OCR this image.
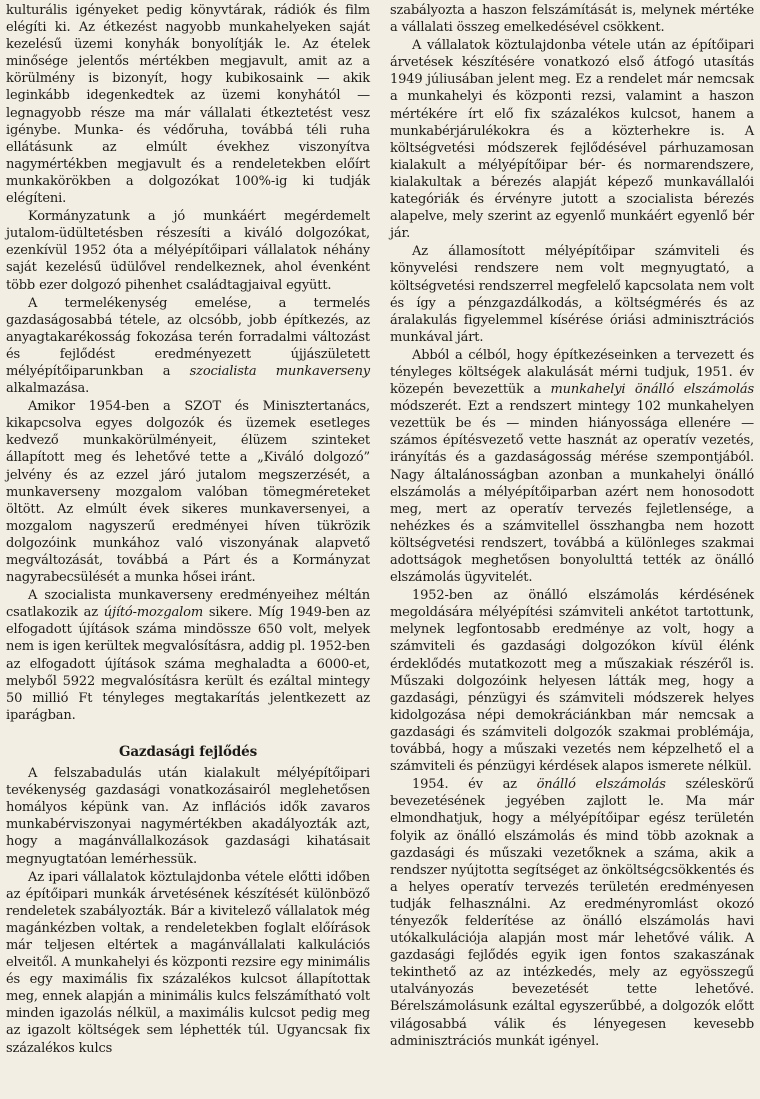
kulturális igényeket pedig könyvtárak, rádiók és film elégíti ki. Az étkezést nagyobb munkahelyeken saját kezelésű üzemi konyhák bonyolítják le. Az ételek minősége jelentős mértékben megjavult, amit az a körülmény is bizonyít, hogy kubikosaink — akik leginkább idegenkedtek az üzemi konyhától — legnagyobb része ma már vállalati étkeztetést vesz igénybe. Munka- és védőruha, továbbá téli ruha ellátásunk az elmúlt évekhez viszonyítva nagymértékben megjavult és a rendeletekben előírt munkakörökben a dolgozókat 100%-ig ki tudják elégíteni.

Kormányzatunk a jó munkáért megérdemelt jutalom-üdültetésben részesíti a kiváló dolgozókat, ezenkívül 1952 óta a mélyépítőipari vállalatok néhány saját kezelésű üdülővel rendelkeznek, ahol évenként több ezer dolgozó pihenhet családtagjaival együtt.

A termelékenység emelése, a termelés gazdaságosabbá tétele, az olcsóbb, jobb építkezés, az anyagtakarékosság fokozása terén forradalmi változást és fejlődést eredményezett újjászületett mélyépítőiparunkban a szocialista munkaverseny alkalmazása.

Amikor 1954-ben a SZOT és Minisztertanács, kikapcsolva egyes dolgozók és üzemek esetleges kedvező munkakörülményeit, élüzem szinteket állapított meg és lehetővé tette a „Kiváló dolgozó” jelvény és az ezzel járó jutalom megszerzését, a munkaverseny mozgalom valóban tömegméreteket öltött. Az elmúlt évek sikeres munkaversenyei, a mozgalom nagyszerű eredményei híven tükrözik dolgozóink munkához való viszonyának alapvető megváltozását, továbbá a Párt és a Kormányzat nagyrabecsülését a munka hősei iránt.

A szocialista munkaverseny eredményeihez méltán csatlakozik az újító-mozgalom sikere. Míg 1949-ben az elfogadott újítások száma mindössze 650 volt, melyek nem is igen kerültek megvalósításra, addig pl. 1952-ben az elfogadott újítások száma meghaladta a 6000-et, melyből 5922 megvalósításra került és ezáltal mintegy 50 millió Ft tényleges megtakarítás jelentkezett az iparágban.

Gazdasági fejlődés

A felszabadulás után kialakult mélyépítőipari tevékenység gazdasági vonatkozásairól meglehetősen homályos képünk van. Az inflációs idők zavaros munkabérviszonyai nagymértékben akadályozták azt, hogy a magánvállalkozások gazdasági kihatásait megnyugtatóan lemérhessük.

Az ipari vállalatok köztulajdonba vétele előtti időben az építőipari munkák árvetésének készítését különböző rendeletek szabályozták. Bár a kivitelező vállalatok még magánkézben voltak, a rendeletekben foglalt előírások már teljesen eltértek a magánvállalati kalkulációs elveitől. A munkahelyi és központi rezsire egy minimális és egy maximális fix százalékos kulcsot állapítottak meg, ennek alapján a minimális kulcs felszámítható volt minden igazolás nélkül, a maximális kulcsot pedig meg az igazolt költségek sem léphették túl. Ugyancsak fix százalékos kulcs

szabályozta a haszon felszámítását is, melynek mértéke a vállalati összeg emelkedésével csökkent.

A vállalatok köztulajdonba vétele után az építőipari árvetések készítésére vonatkozó első átfogó utasítás 1949 júliusában jelent meg. Ez a rendelet már nemcsak a munkahelyi és központi rezsi, valamint a haszon mértékére írt elő fix százalékos kulcsot, hanem a munkabérjárulékokra és a közterhekre is. A költségvetési módszerek fejlődésével párhuzamosan kialakult a mélyépítőipar bér- és normarendszere, kialakultak a bérezés alapját képező munkavállalói kategóriák és érvényre jutott a szocialista bérezés alapelve, mely szerint az egyenlő munkáért egyenlő bér jár.

Az államosított mélyépítőipar számviteli és könyvelési rendszere nem volt megnyugtató, a költségvetési rendszerrel megfelelő kapcsolata nem volt és így a pénzgazdálkodás, a költségmérés és az áralakulás figyelemmel kísérése óriási adminisztrációs munkával járt.

Abból a célból, hogy építkezéseinken a tervezett és tényleges költségek alakulását mérni tudjuk, 1951. év közepén bevezettük a munkahelyi önálló elszámolás módszerét. Ezt a rendszert mintegy 102 munkahelyen vezettük be és — minden hiányossága ellenére — számos építésvezető vette hasznát az operatív vezetés, irányítás és a gazdaságosság mérése szempontjából. Nagy általánosságban azonban a munkahelyi önálló elszámolás a mélyépítőiparban azért nem honosodott meg, mert az operatív tervezés fejletlensége, a nehézkes és a számvitellel összhangba nem hozott költségvetési rendszert, továbbá a különleges szakmai adottságok meghetősen bonyolulttá tették az önálló elszámolás ügyvitelét.

1952-ben az önálló elszámolás kérdésének megoldására mélyépítési számviteli ankétot tartottunk, melynek legfontosabb eredménye az volt, hogy a számviteli és gazdasági dolgozókon kívül élénk érdeklődés mutatkozott meg a műszakiak részéről is. Műszaki dolgozóink helyesen látták meg, hogy a gazdasági, pénzügyi és számviteli módszerek helyes kidolgozása népi demokráciánkban már nemcsak a gazdasági és számviteli dolgozók szakmai problémája, továbbá, hogy a műszaki vezetés nem képzelhető el a számviteli és pénzügyi kérdések alapos ismerete nélkül.

1954. év az önálló elszámolás széleskörű bevezetésének jegyében zajlott le. Ma már elmondhatjuk, hogy a mélyépítőipar egész területén folyik az önálló elszámolás és mind több azoknak a gazdasági és műszaki vezetőknek a száma, akik a rendszer nyújtotta segítséget az önköltségcsökkentés és a helyes operatív tervezés területén eredményesen tudják felhasználni. Az eredményromlást okozó tényezők felderítése az önálló elszámolás havi utókalkulációja alapján most már lehetővé válik. A gazdasági fejlődés egyik igen fontos szakaszának tekinthető az az intézkedés, mely az egyösszegű utalványozás bevezetését tette lehetővé. Bérelszámolásunk ezáltal egyszerűbbé, a dolgozók előtt világosabbá válik és lényegesen kevesebb adminisztrációs munkát igényel.
